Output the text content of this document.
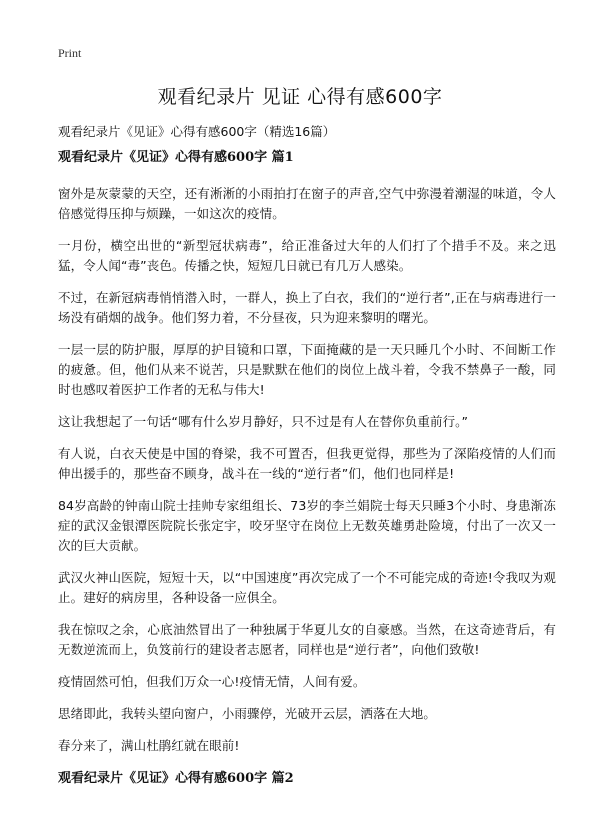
Print
观看纪录片 见证 心得有感600字

观看纪录片《见证》心得有感600字（精选16篇）

观看纪录片《见证》心得有感600字 篇1

窗外是灰蒙蒙的天空，还有淅淅的小雨拍打在窗子的声音,空气中弥漫着潮湿的味道，令人倍感觉得压抑与烦躁，一如这次的疫情。

一月份，横空出世的“新型冠状病毒”，给正准备过大年的人们打了个措手不及。来之迅猛，令人闻“毒”丧色。传播之快，短短几日就已有几万人感染。

不过，在新冠病毒悄悄潜入时，一群人，换上了白衣，我们的“逆行者”,正在与病毒进行一场没有硝烟的战争。他们努力着，不分昼夜，只为迎来黎明的曙光。

一层一层的防护服，厚厚的护目镜和口罩，下面掩藏的是一天只睡几个小时、不间断工作的疲惫。但，他们从来不说苦，只是默默在他们的岗位上战斗着，令我不禁鼻子一酸，同时也感叹着医护工作者的无私与伟大!

这让我想起了一句话“哪有什么岁月静好，只不过是有人在替你负重前行。”

有人说，白衣天使是中国的脊梁，我不可置否，但我更觉得，那些为了深陷疫情的人们而伸出援手的，那些奋不顾身，战斗在一线的“逆行者”们，他们也同样是!

84岁高龄的钟南山院士挂帅专家组组长、73岁的李兰娟院士每天只睡3个小时、身患渐冻症的武汉金银潭医院院长张定宇，咬牙坚守在岗位上无数英雄勇赴险境，付出了一次又一次的巨大贡献。

武汉火神山医院，短短十天，以“中国速度”再次完成了一个不可能完成的奇迹!令我叹为观止。建好的病房里，各种设备一应俱全。

我在惊叹之余，心底油然冒出了一种独属于华夏儿女的自豪感。当然，在这奇迹背后，有无数逆流而上，负笈前行的建设者志愿者，同样也是“逆行者”，向他们致敬!

疫情固然可怕，但我们万众一心!疫情无情，人间有爱。

思绪即此，我转头望向窗户，小雨骤停，光破开云层，洒落在大地。

春分来了，满山杜鹃红就在眼前!

观看纪录片《见证》心得有感600字 篇2
